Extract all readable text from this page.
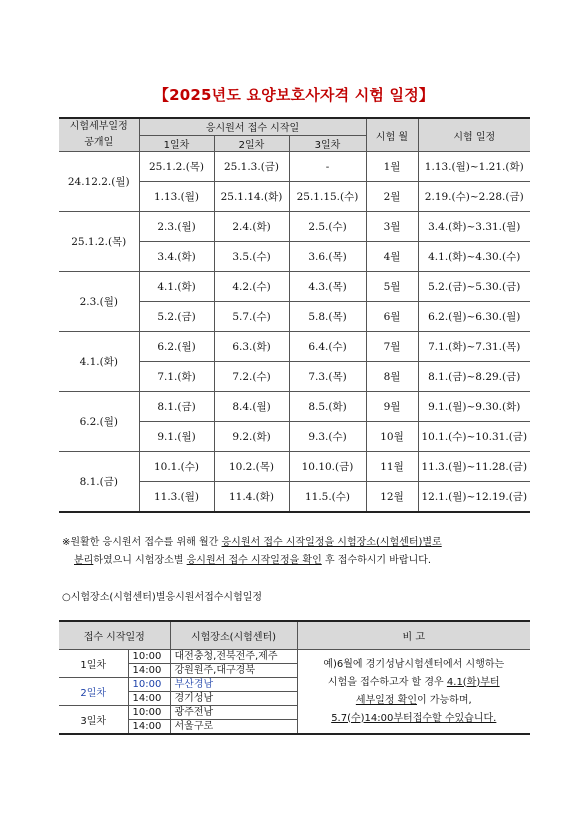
【2025년도 요양보호사자격 시험 일정】
시험세부일정
공개일	응시원서 접수 시작일			시험 월	시험 일정
	1일차	2일차	3일차		
24.12.2.(월)	25.1.2.(목)	25.1.3.(금)	-	1월	1.13.(월)~1.21.(화)
	1.13.(월)	25.1.14.(화)	25.1.15.(수)	2월	2.19.(수)~2.28.(금)
25.1.2.(목)	2.3.(월)	2.4.(화)	2.5.(수)	3월	3.4.(화)~3.31.(월)
	3.4.(화)	3.5.(수)	3.6.(목)	4월	4.1.(화)~4.30.(수)
2.3.(월)	4.1.(화)	4.2.(수)	4.3.(목)	5월	5.2.(금)~5.30.(금)
	5.2.(금)	5.7.(수)	5.8.(목)	6월	6.2.(월)~6.30.(월)
4.1.(화)	6.2.(월)	6.3.(화)	6.4.(수)	7월	7.1.(화)~7.31.(목)
	7.1.(화)	7.2.(수)	7.3.(목)	8월	8.1.(금)~8.29.(금)
6.2.(월)	8.1.(금)	8.4.(월)	8.5.(화)	9월	9.1.(월)~9.30.(화)
	9.1.(월)	9.2.(화)	9.3.(수)	10월	10.1.(수)~10.31.(금)
8.1.(금)	10.1.(수)	10.2.(목)	10.10.(금)	11월	11.3.(월)~11.28.(금)
	11.3.(월)	11.4.(화)	11.5.(수)	12월	12.1.(월)~12.19.(금)
※원활한 응시원서 접수를 위해 월간 응시원서 접수 시작일정을 시험장소(시험센터)별로
분리하였으니 시험장소별 응시원서 접수 시작일정을 확인 후 접수하시기 바랍니다.
○시험장소(시험센터)별응시원서접수시험일정
접수 시작일정		시험장소(시험센터)	비 고
1일차	10:00	대전충청,전북전주,제주	예)6월에 경기성남시험센터에서 시행하는
시험을 접수하고자 할 경우 4.1(화)부터
세부일정 확인이 가능하며,
5.7(수)14:00부터접수할 수있습니다.

	14:00	강원원주,대구경북	
2일차	10:00	부산경남	
	14:00	경기성남	
3일차	10:00	광주전남	
	14:00	서울구로	
